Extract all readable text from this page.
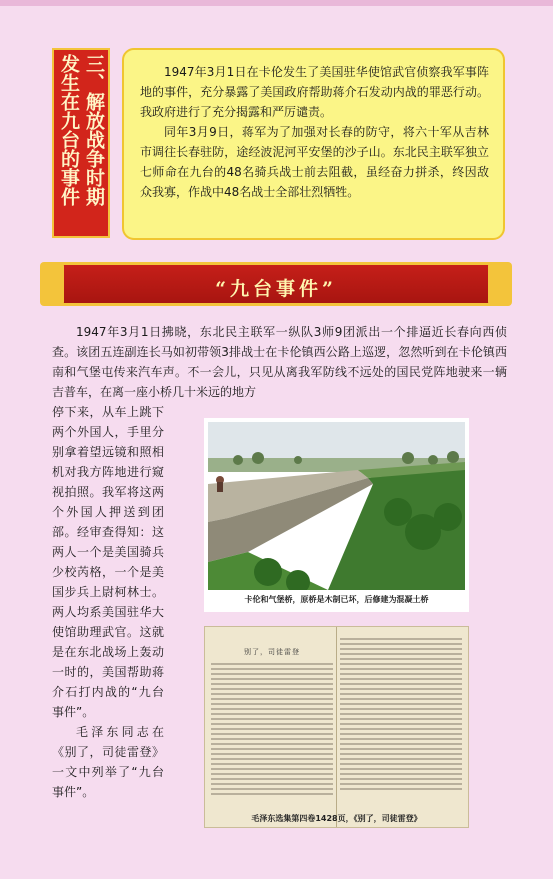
三、解放战争时期
发生在九台的事件	1947年3月1日在卡伦发生了美国驻华使馆武官侦察我军事阵地的事件，充分暴露了美国政府帮助蒋介石发动内战的罪恶行动。我政府进行了充分揭露和严厉谴责。

同年3月9日，蒋军为了加强对长春的防守，将六十军从吉林市调往长春驻防，途经波泥河平安堡的沙子山。东北民主联军独立七师命在九台的48名骑兵战士前去阻截，虽经奋力拼杀，终因敌众我寡，作战中48名战士全部壮烈牺牲。

“九台事件”

1947年3月1日拂晓，东北民主联军一纵队3师9团派出一个排逼近长春向西侦查。该团五连副连长马如初带领3排战士在卡伦镇西公路上巡逻，忽然听到在卡伦镇西南和气堡屯传来汽车声。不一会儿，只见从离我军防线不远处的国民党阵地驶来一辆吉普车，在离一座小桥几十米远的地方

停下来，从车上跳下两个外国人，手里分别拿着望远镜和照相机对我方阵地进行窥视拍照。我军将这两个外国人押送到团部。经审查得知：这两人一个是美国骑兵少校芮格，一个是美国步兵上尉柯林士。两人均系美国驻华大使馆助理武官。这就是在东北战场上轰动一时的，美国帮助蒋介石打内战的“九台事件”。

毛泽东同志在《别了，司徒雷登》一文中列举了“九台事件”。

卡伦和气堡桥，原桥是木制已坏，后修建为混凝土桥
别了，司徒雷登
毛泽东选集第四卷1428页，《别了，司徒雷登》
